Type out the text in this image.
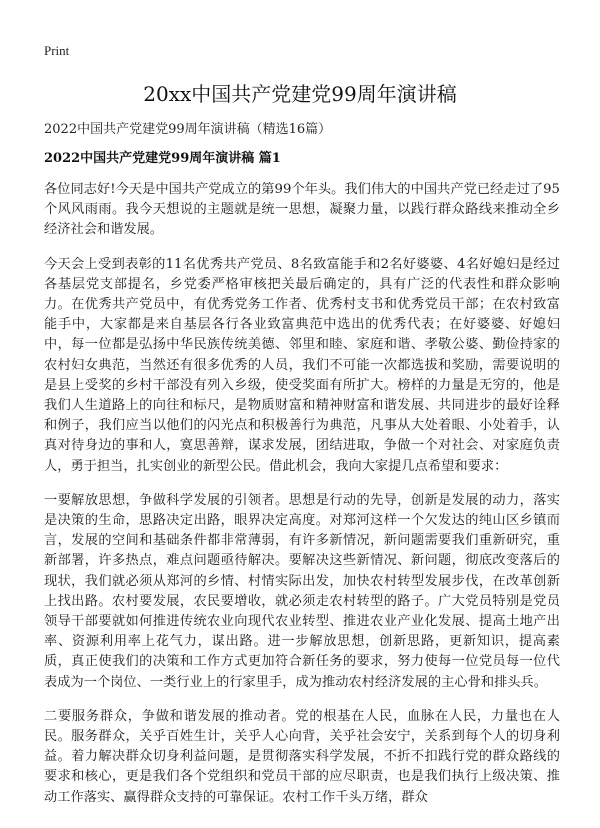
Print
20xx中国共产党建党99周年演讲稿
2022中国共产党建党99周年演讲稿（精选16篇）
2022中国共产党建党99周年演讲稿 篇1

各位同志好!今天是中国共产党成立的第99个年头。我们伟大的中国共产党已经走过了95个风风雨雨。我今天想说的主题就是统一思想，凝聚力量，以践行群众路线来推动全乡经济社会和谐发展。

今天会上受到表彰的11名优秀共产党员、8名致富能手和2名好婆婆、4名好媳妇是经过各基层党支部提名，乡党委严格审核把关最后确定的，具有广泛的代表性和群众影响力。在优秀共产党员中，有优秀党务工作者、优秀村支书和优秀党员干部；在农村致富能手中，大家都是来自基层各行各业致富典范中选出的优秀代表；在好婆婆、好媳妇中，每一位都是弘扬中华民族传统美德、邻里和睦、家庭和谐、孝敬公婆、勤俭持家的农村妇女典范，当然还有很多优秀的人员，我们不可能一次都选拔和奖励，需要说明的是县上受奖的乡村干部没有列入乡级，使受奖面有所扩大。榜样的力量是无穷的，他是我们人生道路上的向往和标尺，是物质财富和精神财富和谐发展、共同进步的最好诠释和例子，我们应当以他们的闪光点和积极善行为典范，凡事从大处着眼、小处着手，认真对待身边的事和人，寞思善辩，谋求发展，团结进取，争做一个对社会、对家庭负责人，勇于担当，扎实创业的新型公民。借此机会，我向大家提几点希望和要求：

一要解放思想，争做科学发展的引领者。思想是行动的先导，创新是发展的动力，落实是决策的生命，思路决定出路，眼界决定高度。对郑河这样一个欠发达的纯山区乡镇而言，发展的空间和基础条件都非常薄弱，有许多新情况，新问题需要我们重新研究，重新部署，许多热点，难点问题亟待解决。要解决这些新情况、新问题，彻底改变落后的现状，我们就必须从郑河的乡情、村情实际出发，加快农村转型发展步伐，在改革创新上找出路。农村要发展，农民要增收，就必须走农村转型的路子。广大党员特别是党员领导干部要就如何推进传统农业向现代农业转型、推进农业产业化发展、提高土地产出率、资源利用率上花气力，谋出路。进一步解放思想，创新思路，更新知识，提高素质，真正使我们的决策和工作方式更加符合新任务的要求，努力使每一位党员每一位代表成为一个岗位、一类行业上的行家里手，成为推动农村经济发展的主心骨和排头兵。

二要服务群众，争做和谐发展的推动者。党的根基在人民，血脉在人民，力量也在人民。服务群众，关乎百姓生计，关乎人心向背，关乎社会安宁，关系到每个人的切身利益。着力解决群众切身利益问题，是贯彻落实科学发展，不折不扣践行党的群众路线的要求和核心，更是我们各个党组织和党员干部的应尽职责，也是我们执行上级决策、推动工作落实、赢得群众支持的可靠保证。农村工作千头万绪，群众
